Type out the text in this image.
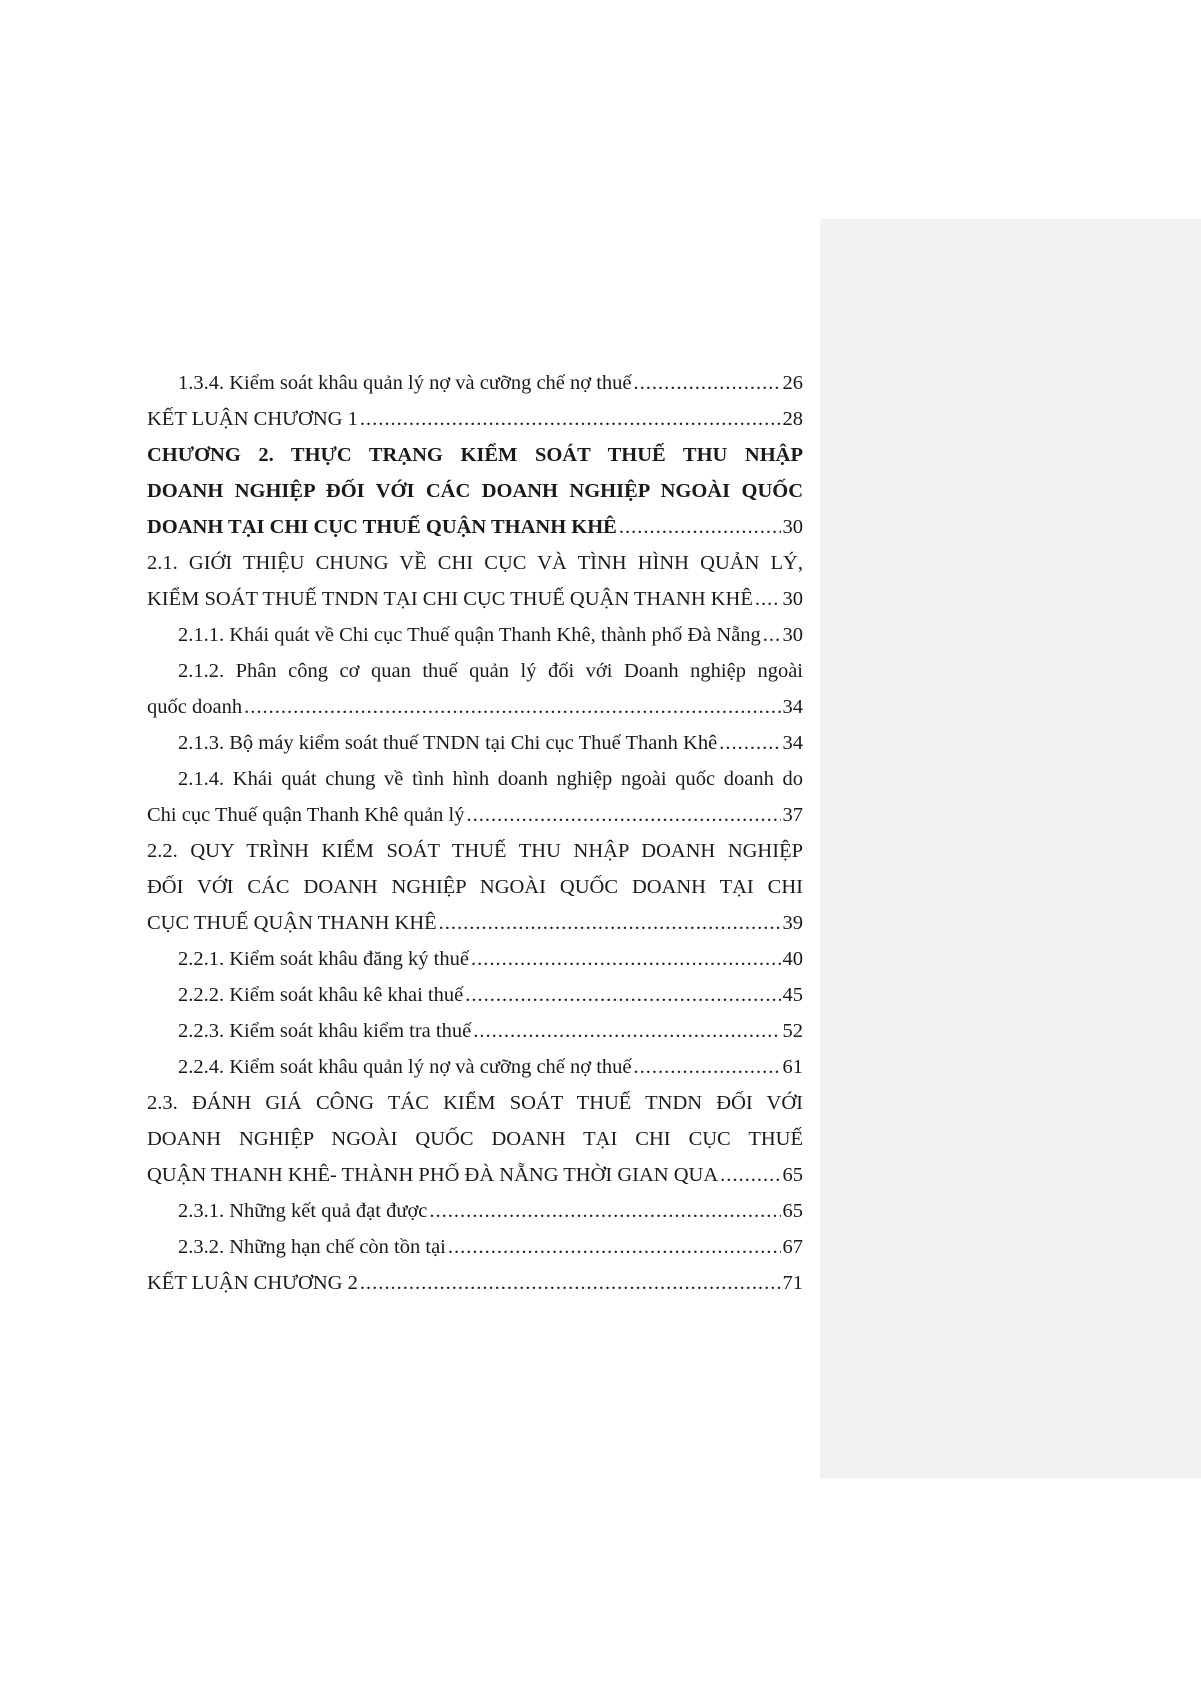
1.3.4. Kiểm soát khâu quản lý nợ và cưỡng chế nợ thuế .....	26
KẾT LUẬN CHƯƠNG 1 .....	28
CHƯƠNG 2. THỰC TRẠNG KIỂM SOÁT THUẾ THU NHẬP
DOANH NGHIỆP ĐỐI VỚI CÁC DOANH NGHIỆP NGOÀI QUỐC
DOANH TẠI CHI CỤC THUẾ QUẬN THANH KHÊ .....	30
2.1. GIỚI THIỆU CHUNG VỀ CHI CỤC VÀ TÌNH HÌNH QUẢN LÝ,
KIỂM SOÁT THUẾ TNDN TẠI CHI CỤC THUẾ QUẬN THANH KHÊ ..... 30
2.1.1. Khái quát về Chi cục Thuế quận Thanh Khê, thành phố Đà Nẵng ..... 30
2.1.2. Phân công cơ quan thuế quản lý đối với Doanh nghiệp ngoài
quốc doanh .....	34
2.1.3. Bộ máy kiểm soát thuế TNDN tại Chi cục Thuế Thanh Khê .....	34
2.1.4. Khái quát chung về tình hình doanh nghiệp ngoài quốc doanh do
Chi cục Thuế quận Thanh Khê quản lý .....	37
2.2. QUY TRÌNH KIỂM SOÁT THUẾ THU NHẬP DOANH NGHIỆP
ĐỐI VỚI CÁC DOANH NGHIỆP NGOÀI QUỐC DOANH TẠI CHI
CỤC THUẾ QUẬN THANH KHÊ .....	39
2.2.1. Kiểm soát khâu đăng ký thuế .....	40
2.2.2. Kiểm soát khâu kê khai thuế .....	45
2.2.3. Kiểm soát khâu kiểm tra thuế .....	52
2.2.4. Kiểm soát khâu quản lý nợ và cưỡng chế nợ thuế .....	61
2.3. ĐÁNH GIÁ CÔNG TÁC KIỂM SOÁT THUẾ TNDN ĐỐI VỚI
DOANH NGHIỆP NGOÀI QUỐC DOANH TẠI CHI CỤC THUẾ
QUẬN THANH KHÊ- THÀNH PHỐ ĐÀ NẴNG THỜI GIAN QUA .....	65
2.3.1. Những kết quả đạt được .....	65
2.3.2. Những hạn chế còn tồn tại .....	67
KẾT LUẬN CHƯƠNG 2 .....	71
